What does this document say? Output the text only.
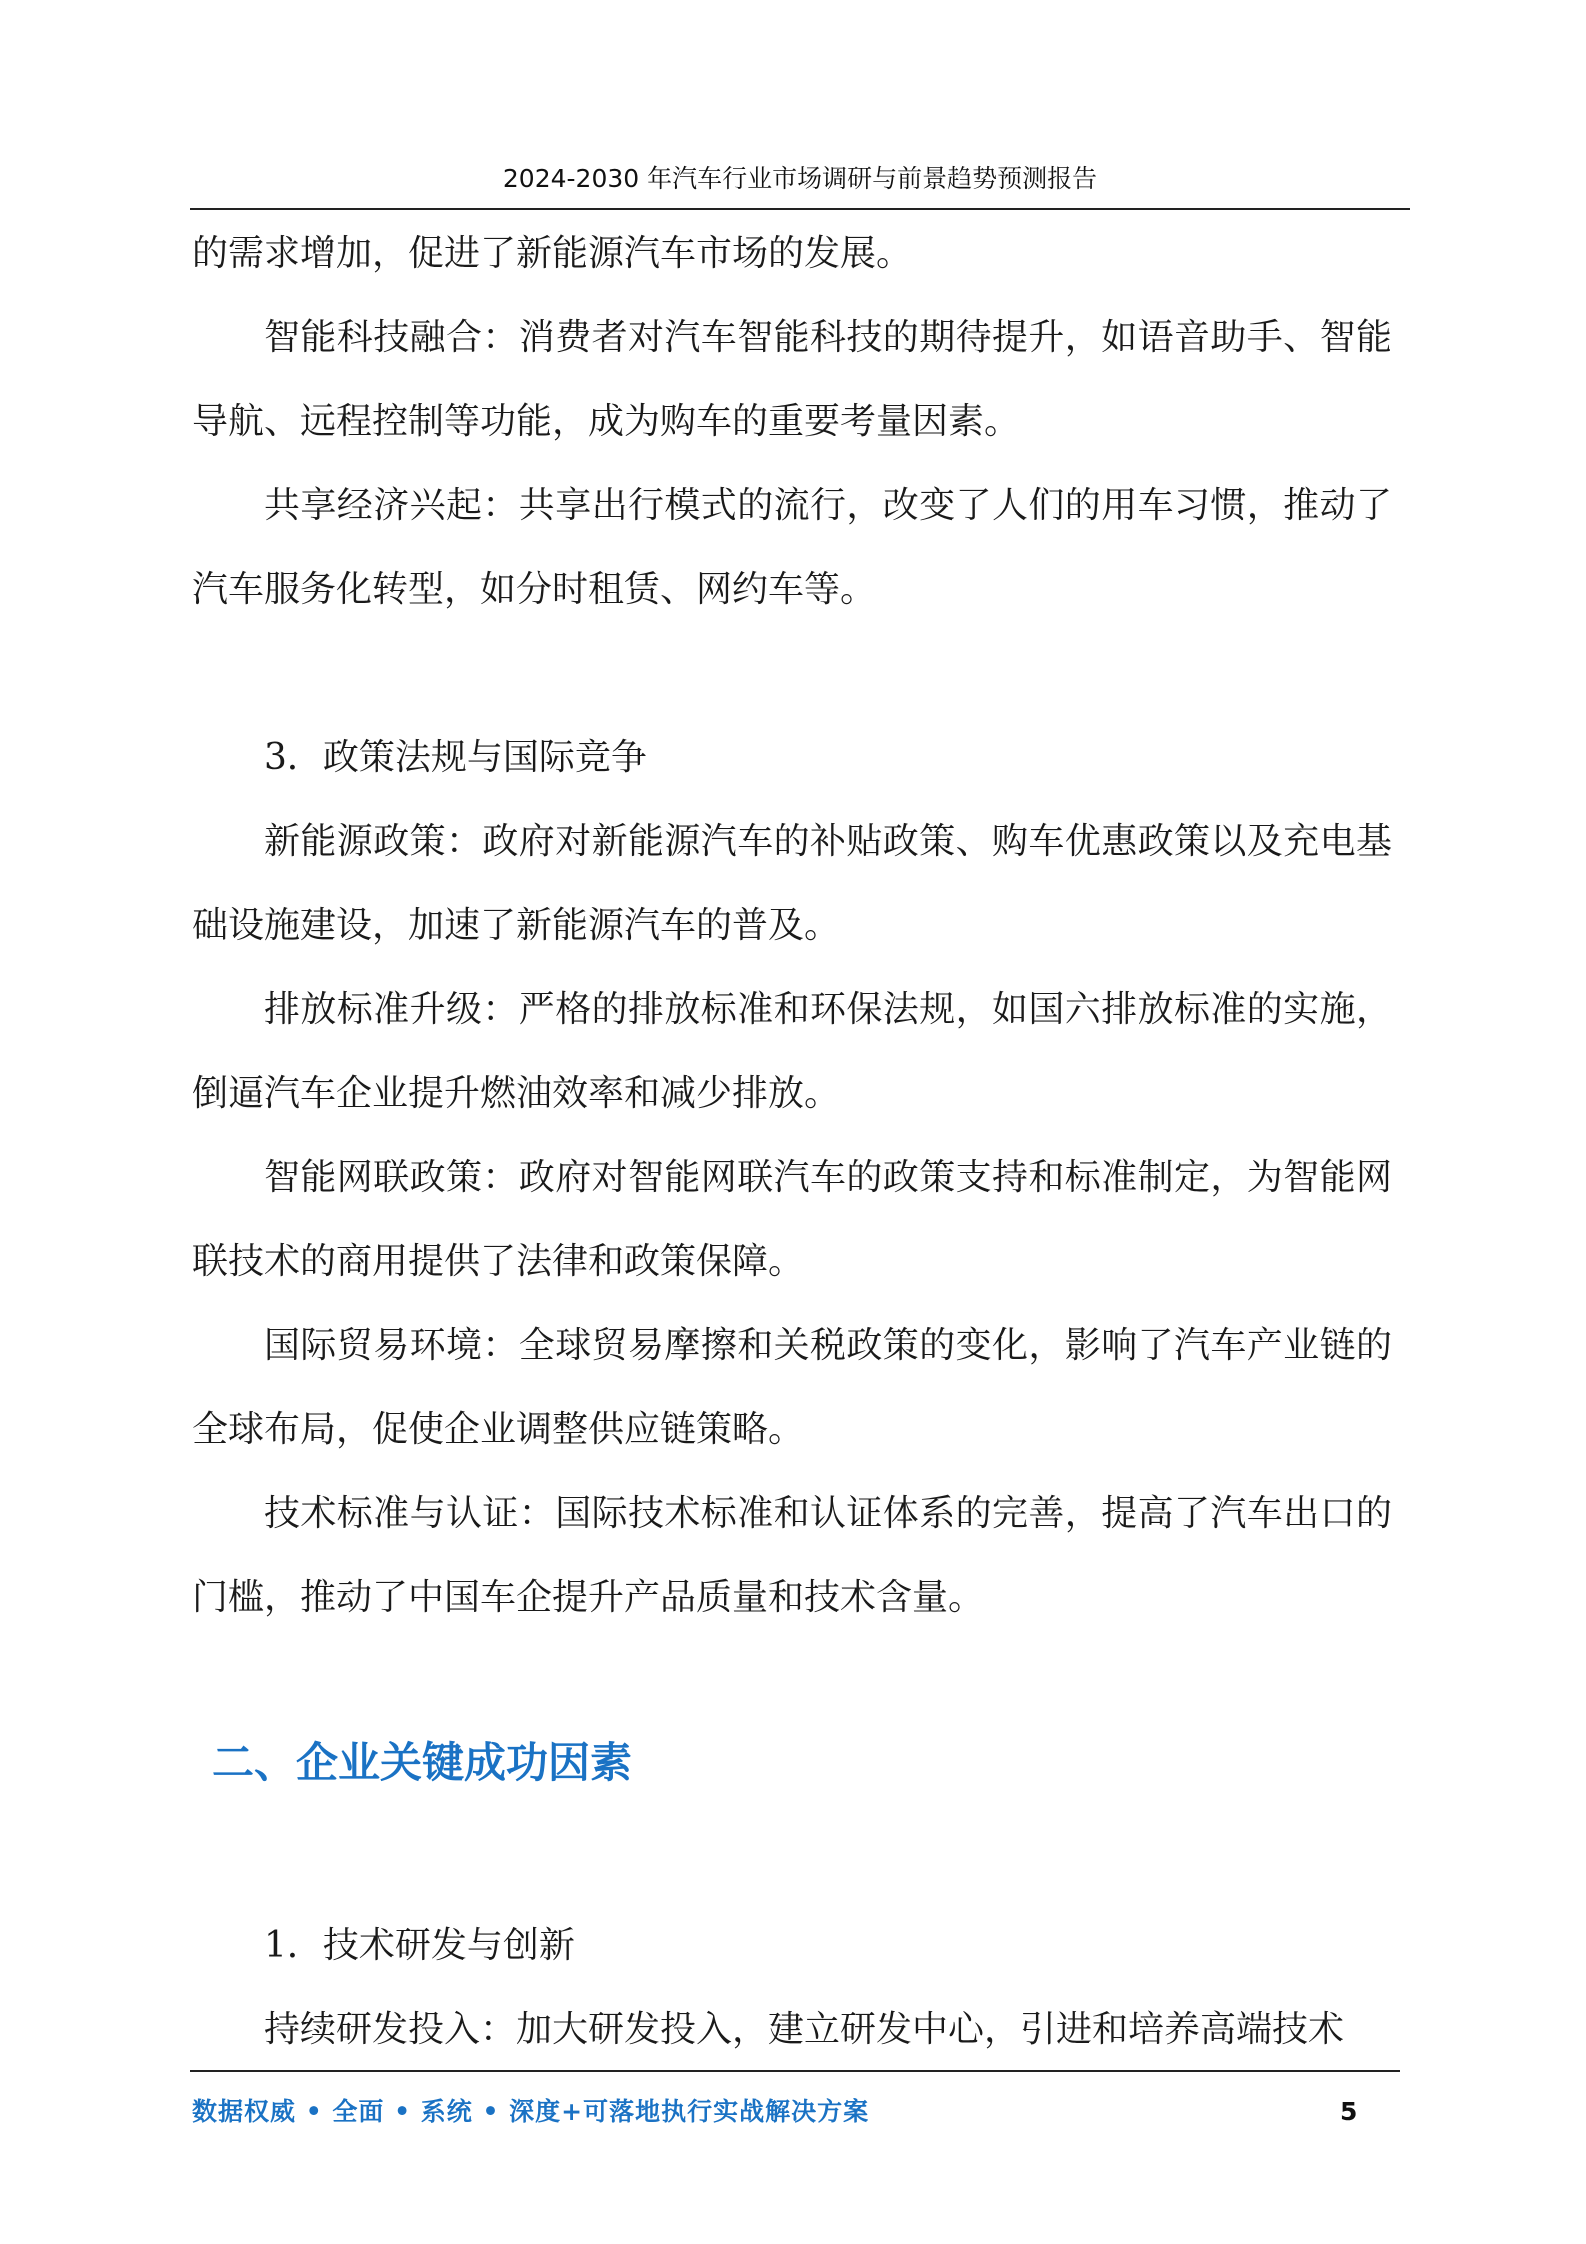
2024-2030 年汽车行业市场调研与前景趋势预测报告

的需求增加，促进了新能源汽车市场的发展。

智能科技融合：消费者对汽车智能科技的期待提升，如语音助手、智能导航、远程控制等功能，成为购车的重要考量因素。

共享经济兴起：共享出行模式的流行，改变了人们的用车习惯，推动了汽车服务化转型，如分时租赁、网约车等。

3．政策法规与国际竞争

新能源政策：政府对新能源汽车的补贴政策、购车优惠政策以及充电基础设施建设，加速了新能源汽车的普及。

排放标准升级：严格的排放标准和环保法规，如国六排放标准的实施，倒逼汽车企业提升燃油效率和减少排放。

智能网联政策：政府对智能网联汽车的政策支持和标准制定，为智能网联技术的商用提供了法律和政策保障。

国际贸易环境：全球贸易摩擦和关税政策的变化，影响了汽车产业链的全球布局，促使企业调整供应链策略。

技术标准与认证：国际技术标准和认证体系的完善，提高了汽车出口的门槛，推动了中国车企提升产品质量和技术含量。

二、企业关键成功因素

1．技术研发与创新

持续研发投入：加大研发投入，建立研发中心，引进和培养高端技术

数据权威 • 全面 • 系统 • 深度+可落地执行实战解决方案	5
